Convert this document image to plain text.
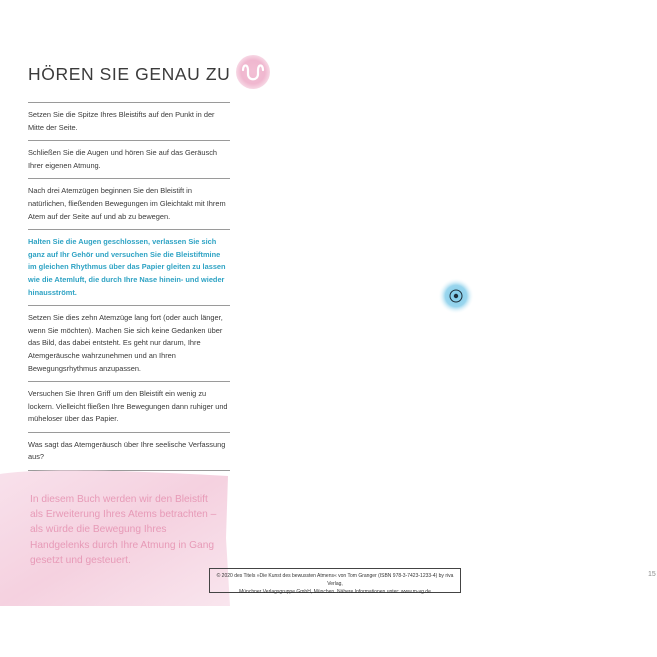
HÖREN SIE GENAU ZU
Setzen Sie die Spitze Ihres Bleistifts auf den Punkt in der Mitte der Seite.
Schließen Sie die Augen und hören Sie auf das Geräusch Ihrer eigenen Atmung.
Nach drei Atemzügen beginnen Sie den Bleistift in natürlichen, fließenden Bewegungen im Gleichtakt mit Ihrem Atem auf der Seite auf und ab zu bewegen.
Halten Sie die Augen geschlossen, verlassen Sie sich ganz auf Ihr Gehör und versuchen Sie die Bleistiftmine im gleichen Rhythmus über das Papier gleiten zu lassen wie die Atemluft, die durch Ihre Nase hinein- und wieder hinausströmt.
Setzen Sie dies zehn Atemzüge lang fort (oder auch länger, wenn Sie möchten). Machen Sie sich keine Gedanken über das Bild, das dabei entsteht. Es geht nur darum, Ihre Atemgeräusche wahrzunehmen und an Ihren Bewegungsrhythmus anzupassen.
Versuchen Sie Ihren Griff um den Bleistift ein wenig zu lockern. Vielleicht fließen Ihre Bewegungen dann ruhiger und müheloser über das Papier.
Was sagt das Atemgeräusch über Ihre seelische Verfassung aus?
In diesem Buch werden wir den Bleistift als Erweiterung Ihres Atems betrachten – als würde die Bewegung Ihres Handgelenks durch Ihre Atmung in Gang gesetzt und gesteuert.
© 2020 des Titels »Die Kunst des bewussten Atmens« von Tom Granger (ISBN 978-3-7423-1233-4) by riva Verlag,
Münchner Verlagsgruppe GmbH, München. Nähere Informationen unter: www.m-vg.de
15
